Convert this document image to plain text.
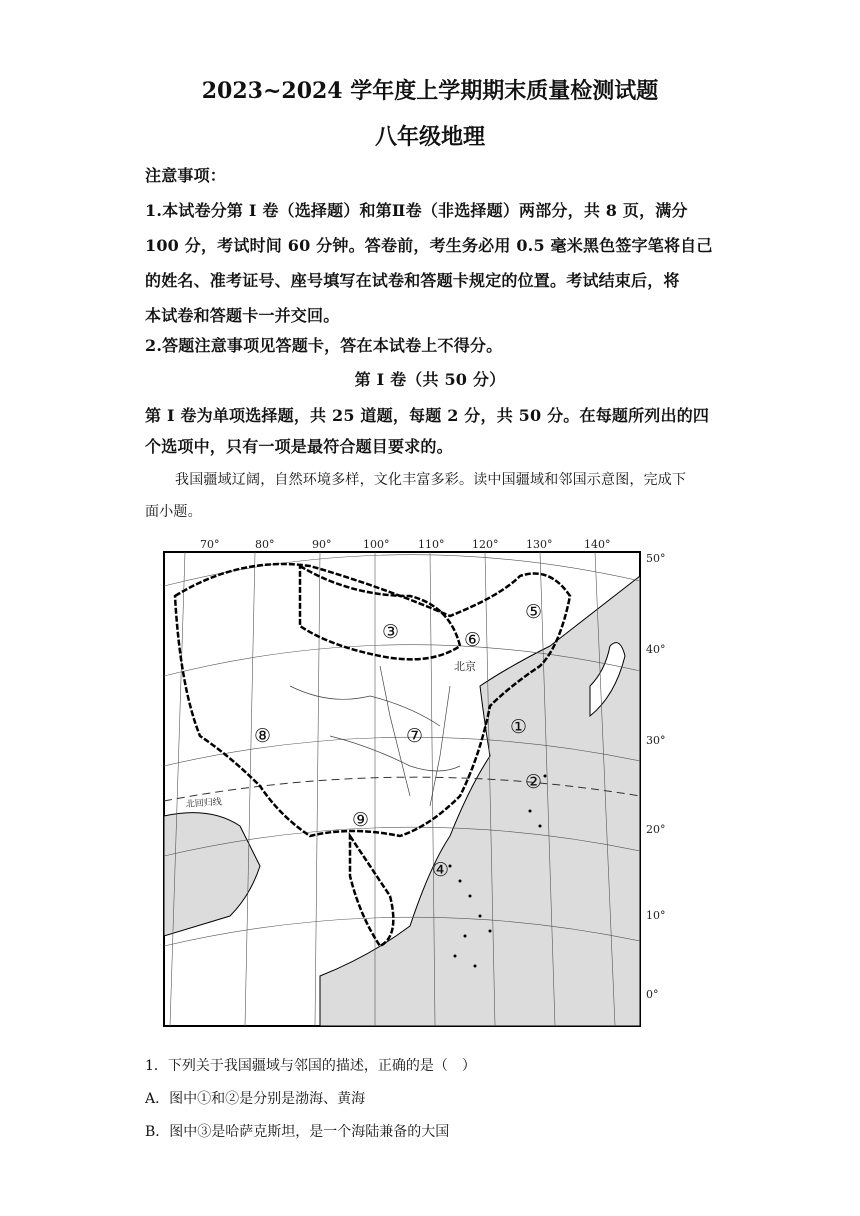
2023~2024 学年度上学期期末质量检测试题
八年级地理
注意事项：
1.本试卷分第 I 卷（选择题）和第Ⅱ卷（非选择题）两部分，共 8 页，满分
100 分，考试时间 60 分钟。答卷前，考生务必用 0.5 毫米黑色签字笔将自己
的姓名、准考证号、座号填写在试卷和答题卡规定的位置。考试结束后，将
本试卷和答题卡一并交回。
2.答题注意事项见答题卡，答在本试卷上不得分。
第 I 卷（共 50 分）
第 I 卷为单项选择题，共 25 道题，每题 2 分，共 50 分。在每题所列出的四
个选项中，只有一项是最符合题目要求的。
我国疆域辽阔，自然环境多样，文化丰富多彩。读中国疆域和邻国示意图，完成下
面小题。
70°	80°	90°	100°	110°	120°	130°	140°
50°
40°
30°
20°
10°
0°
北京
北回归线
①
②
③
④
⑤
⑥
⑦
⑧
⑨
1．下列关于我国疆域与邻国的描述，正确的是（　）
A．图中①和②是分别是渤海、黄海
B．图中③是哈萨克斯坦，是一个海陆兼备的大国
